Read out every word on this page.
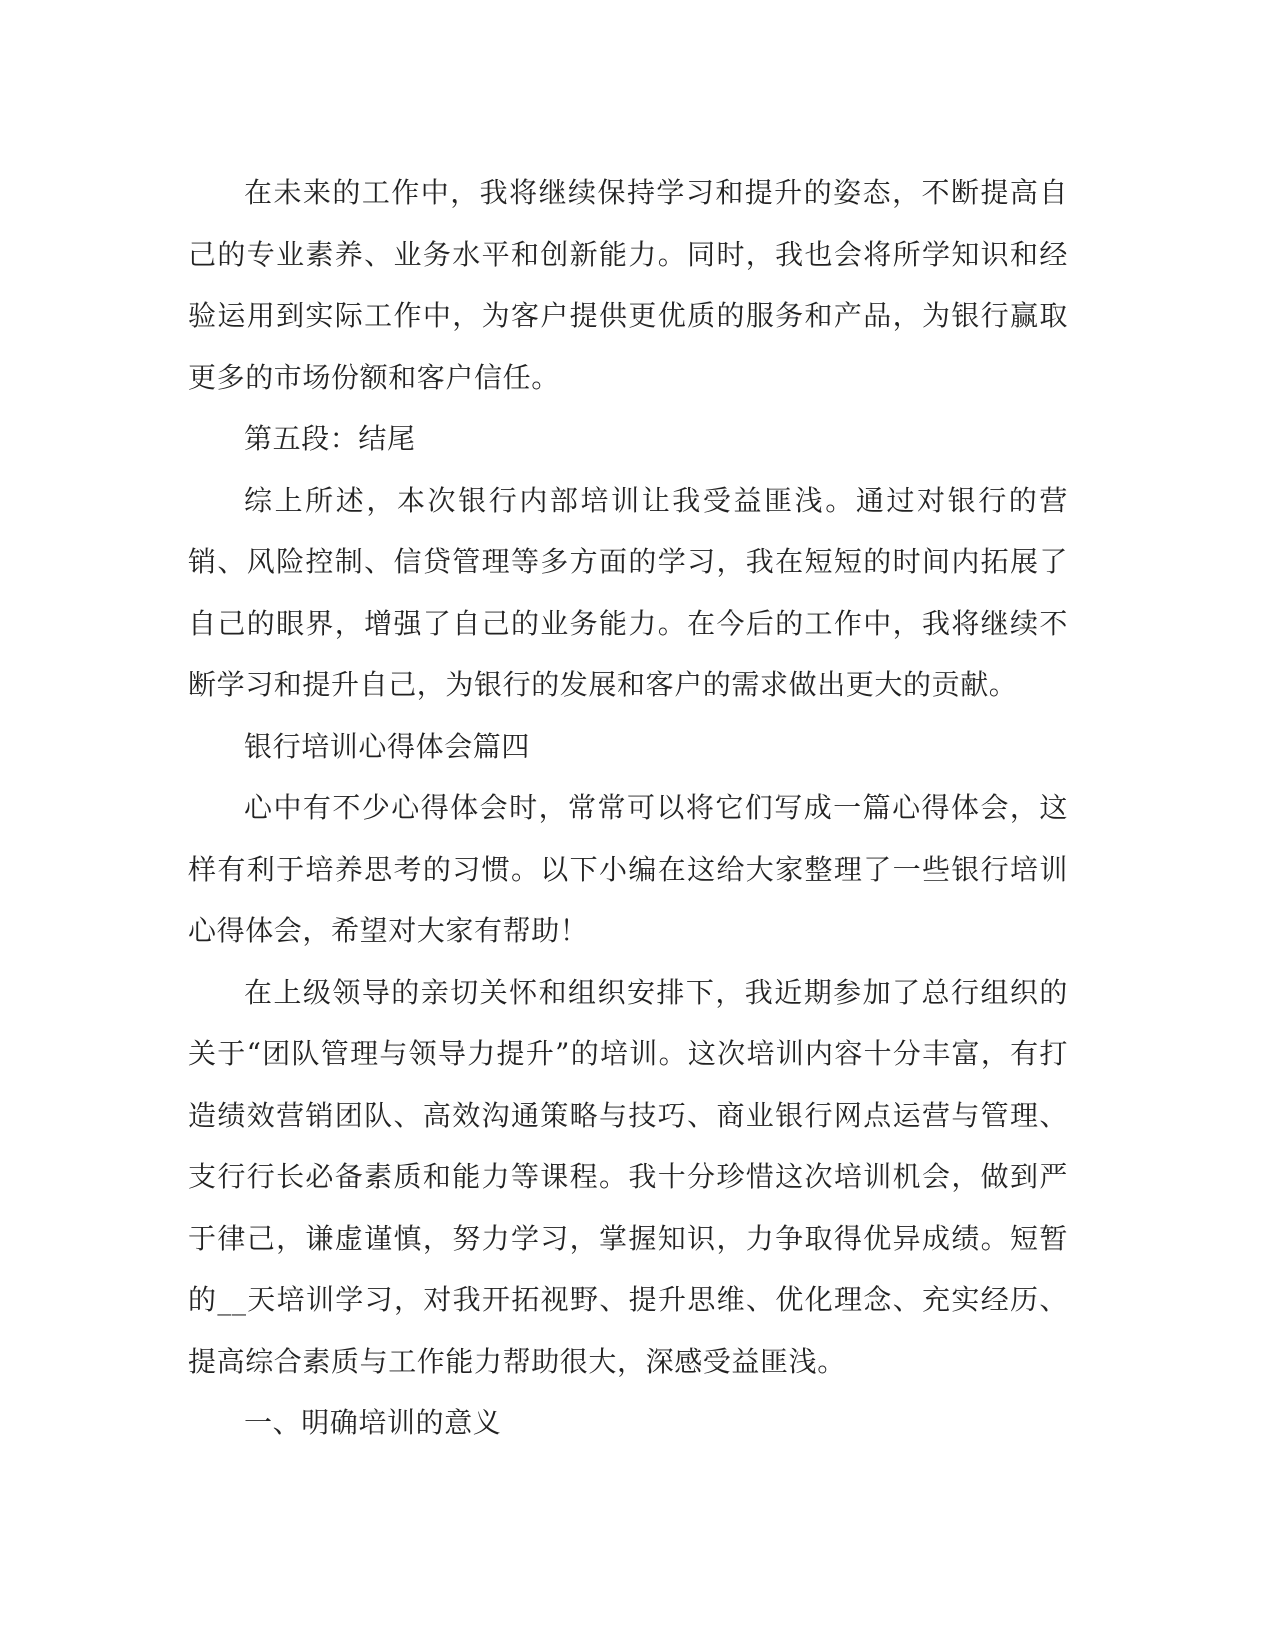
在未来的工作中，我将继续保持学习和提升的姿态，不断提高自己的专业素养、业务水平和创新能力。同时，我也会将所学知识和经验运用到实际工作中，为客户提供更优质的服务和产品，为银行赢取更多的市场份额和客户信任。

第五段：结尾

综上所述，本次银行内部培训让我受益匪浅。通过对银行的营销、风险控制、信贷管理等多方面的学习，我在短短的时间内拓展了自己的眼界，增强了自己的业务能力。在今后的工作中，我将继续不断学习和提升自己，为银行的发展和客户的需求做出更大的贡献。

银行培训心得体会篇四

心中有不少心得体会时，常常可以将它们写成一篇心得体会，这样有利于培养思考的习惯。以下小编在这给大家整理了一些银行培训心得体会，希望对大家有帮助！

在上级领导的亲切关怀和组织安排下，我近期参加了总行组织的关于“团队管理与领导力提升”的培训。这次培训内容十分丰富，有打造绩效营销团队、高效沟通策略与技巧、商业银行网点运营与管理、支行行长必备素质和能力等课程。我十分珍惜这次培训机会，做到严于律己，谦虚谨慎，努力学习，掌握知识，力争取得优异成绩。短暂的__天培训学习，对我开拓视野、提升思维、优化理念、充实经历、提高综合素质与工作能力帮助很大，深感受益匪浅。

一、明确培训的意义
